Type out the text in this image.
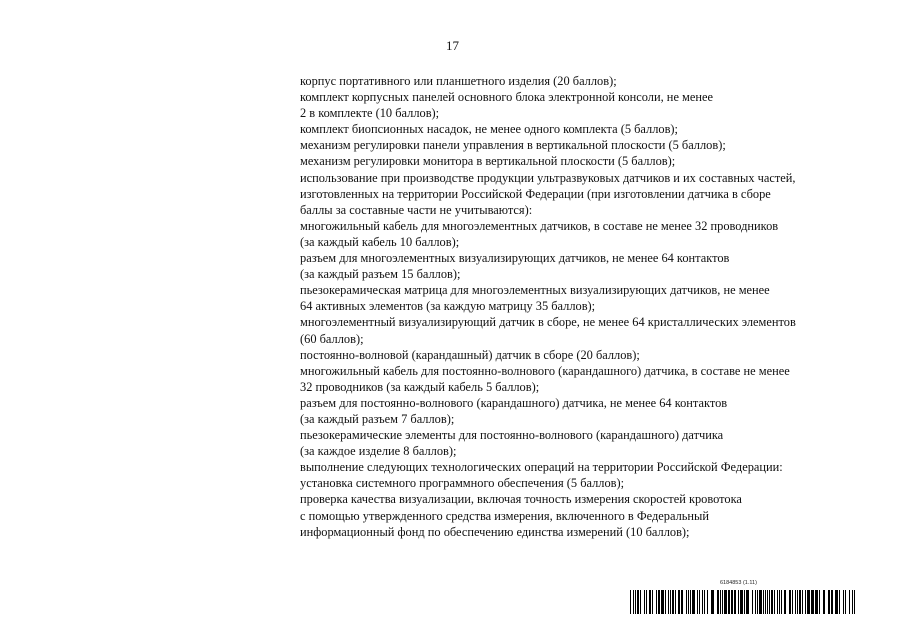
17
корпус портативного или планшетного изделия (20 баллов);
комплект корпусных панелей основного блока электронной консоли, не менее
2 в комплекте (10 баллов);
комплект биопсионных насадок, не менее одного комплекта (5 баллов);
механизм регулировки панели управления в вертикальной плоскости (5 баллов);
механизм регулировки монитора в вертикальной плоскости (5 баллов);
использование при производстве продукции ультразвуковых датчиков и их составных частей,
изготовленных на территории Российской Федерации (при изготовлении датчика в сборе
баллы за составные части не учитываются):
многожильный кабель для многоэлементных датчиков, в составе не менее 32 проводников
(за каждый кабель 10 баллов);
разъем для многоэлементных визуализирующих датчиков, не менее 64 контактов
(за каждый разъем 15 баллов);
пьезокерамическая матрица для многоэлементных визуализирующих датчиков, не менее
64 активных элементов (за каждую матрицу 35 баллов);
многоэлементный визуализирующий датчик в сборе, не менее 64 кристаллических элементов
(60 баллов);
постоянно-волновой (карандашный) датчик в сборе (20 баллов);
многожильный кабель для постоянно-волнового (карандашного) датчика, в составе не менее
32 проводников (за каждый кабель 5 баллов);
разъем для постоянно-волнового (карандашного) датчика, не менее 64 контактов
(за каждый разъем 7 баллов);
пьезокерамические элементы для постоянно-волнового (карандашного) датчика
(за каждое изделие 8 баллов);
выполнение следующих технологических операций на территории Российской Федерации:
установка системного программного обеспечения (5 баллов);
проверка качества визуализации, включая точность измерения скоростей кровотока
с помощью утвержденного средства измерения, включенного в Федеральный
информационный фонд по обеспечению единства измерений (10 баллов);
6184853 (1.11)
